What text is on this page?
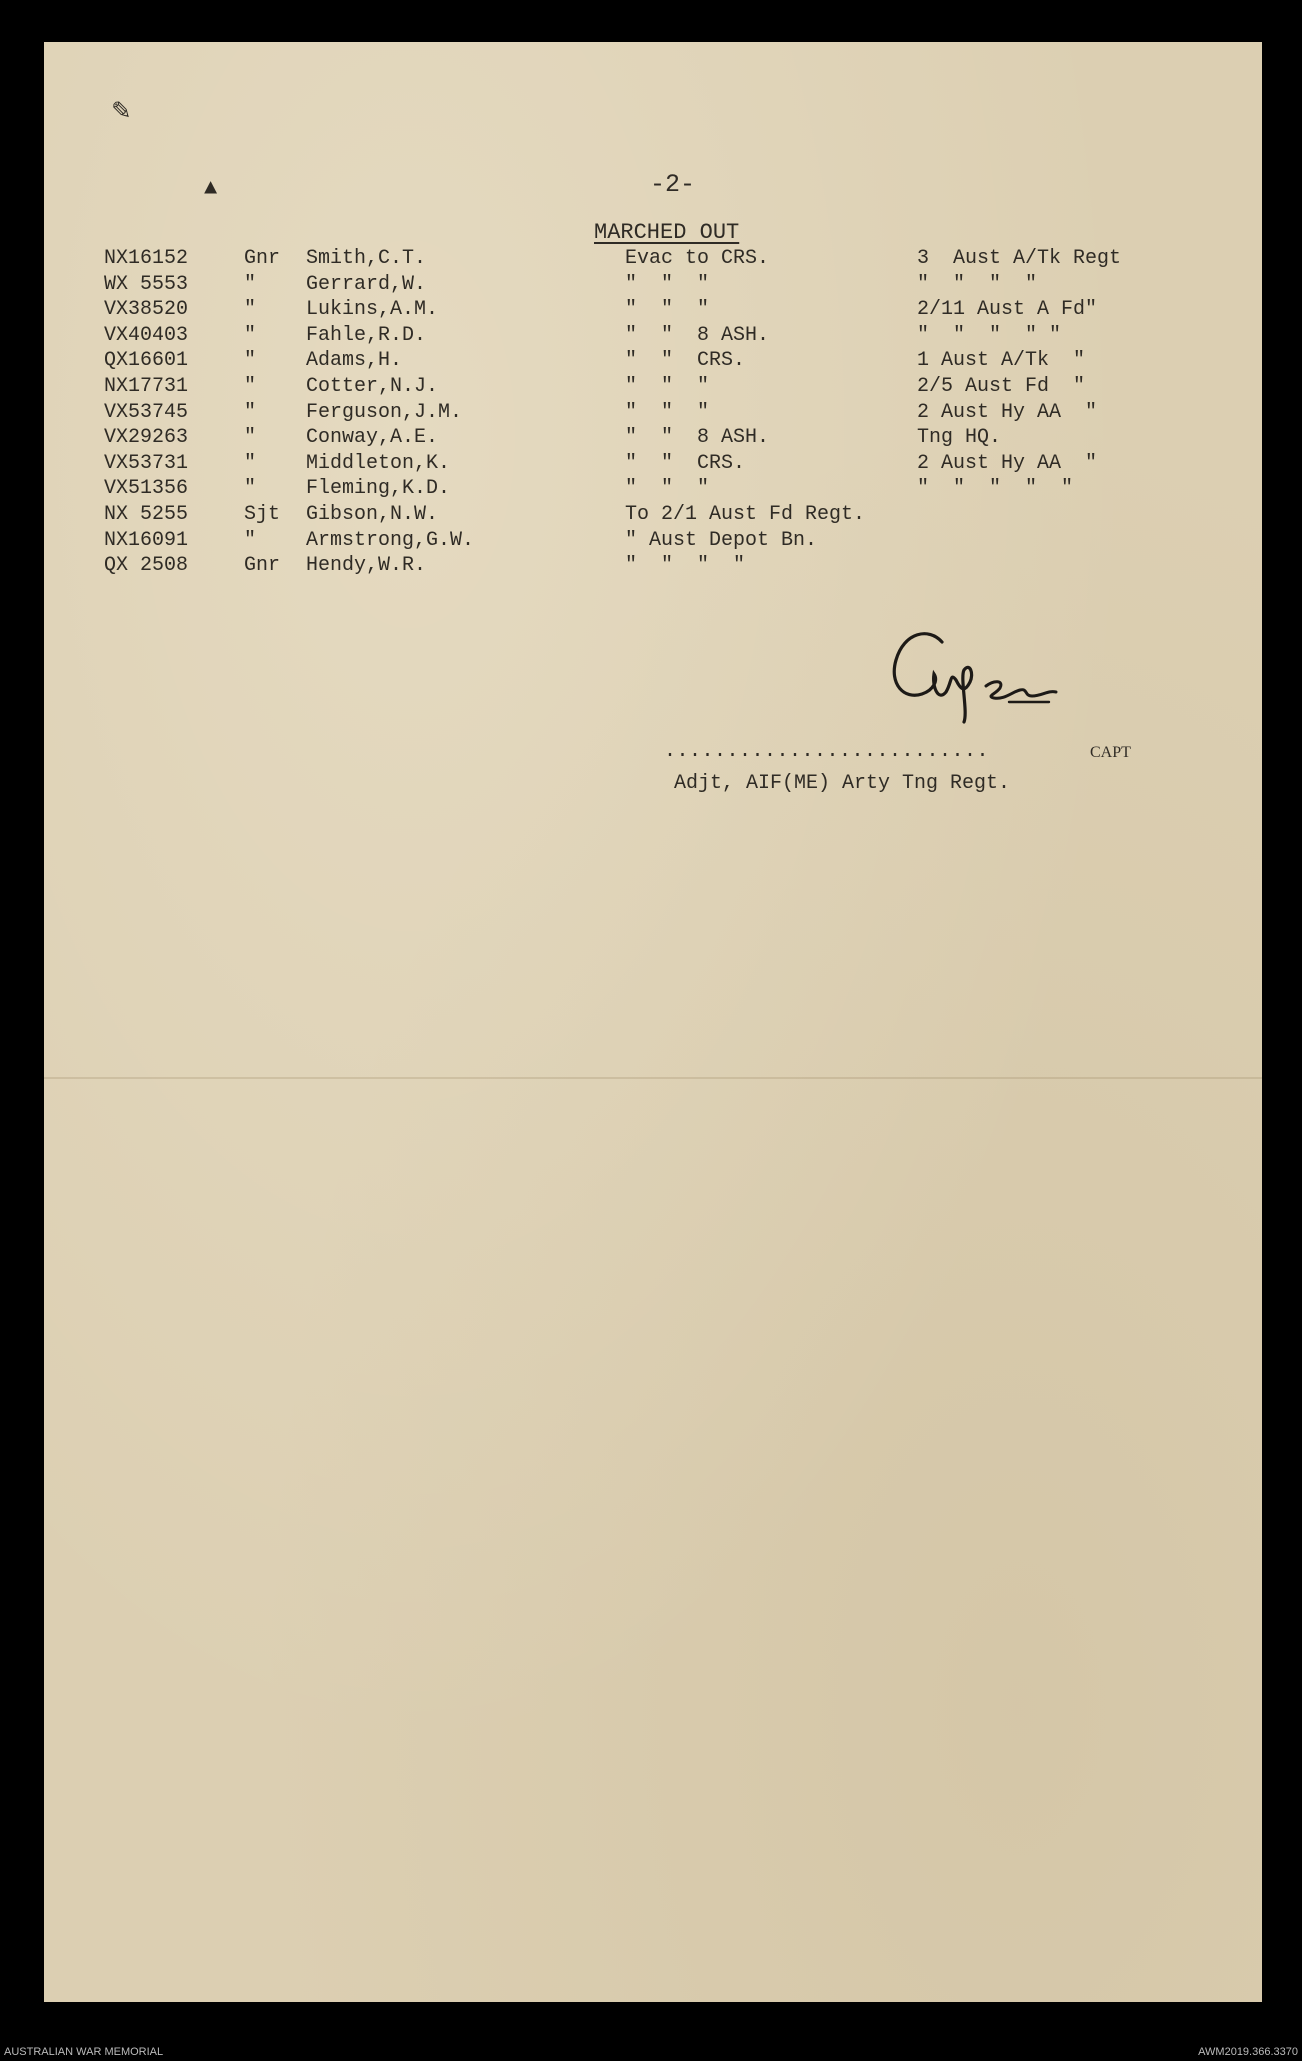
✎
▲	-2-
MARCHED OUT
NX16152	Gnr Smith,C.T.	Evac to CRS.	3  Aust A/Tk Regt
WX 5553	" Gerrard,W.	"  "  "	"  "  "  "
VX38520	" Lukins,A.M.	"  "  "	2/11 Aust A Fd"
VX40403	" Fahle,R.D.	"  "  8 ASH.	"  "  "  " "
QX16601	" Adams,H.	"  "  CRS.	1 Aust A/Tk  "
NX17731	" Cotter,N.J.	"  "  "	2/5 Aust Fd  "
VX53745	" Ferguson,J.M.	"  "  "	2 Aust Hy AA  "
VX29263	" Conway,A.E.	"  "  8 ASH.	Tng HQ.
VX53731	" Middleton,K.	"  "  CRS.	2 Aust Hy AA  "
VX51356	" Fleming,K.D.	"  "  "	"  "  "  "  "
NX 5255	Sjt Gibson,N.W.	To 2/1 Aust Fd Regt.
NX16091	" Armstrong,G.W.	" Aust Depot Bn.
QX 2508	Gnr Hendy,W.R.	"  "  "  "
..........................	CAPT
Adjt, AIF(ME) Arty Tng Regt.
AUSTRALIAN WAR MEMORIAL	AWM2019.366.3370
